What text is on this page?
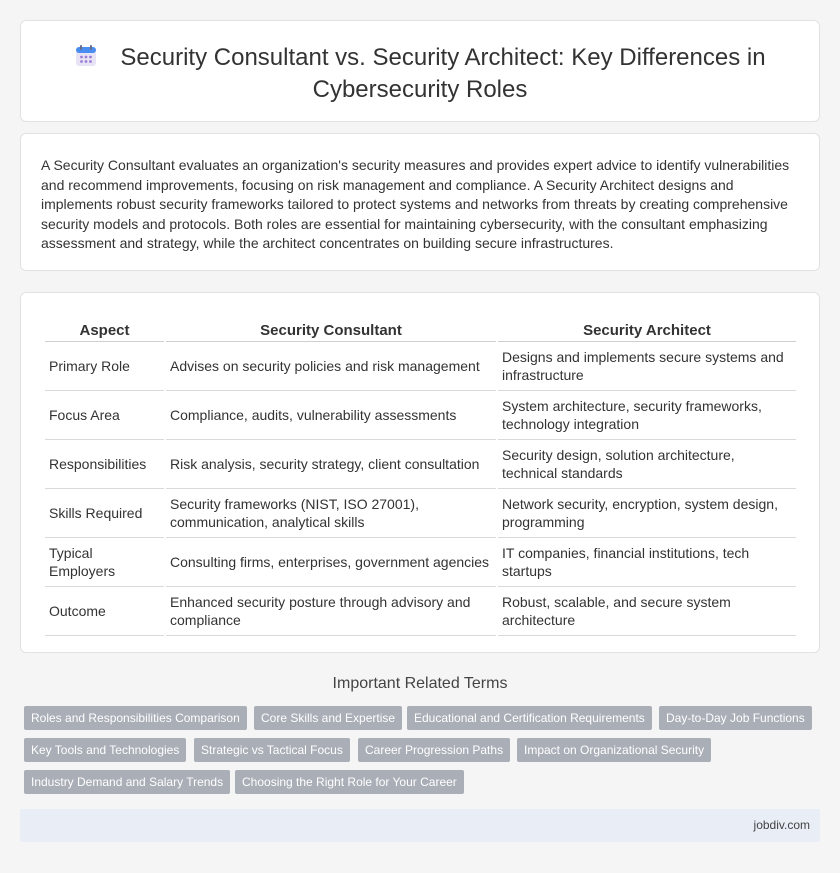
Security Consultant vs. Security Architect: Key Differences in Cybersecurity Roles

A Security Consultant evaluates an organization's security measures and provides expert advice to identify vulnerabilities and recommend improvements, focusing on risk management and compliance. A Security Architect designs and implements robust security frameworks tailored to protect systems and networks from threats by creating comprehensive security models and protocols. Both roles are essential for maintaining cybersecurity, with the consultant emphasizing assessment and strategy, while the architect concentrates on building secure infrastructures.

Aspect	Security Consultant	Security Architect
Primary Role	Advises on security policies and risk management	Designs and implements secure systems and infrastructure
Focus Area	Compliance, audits, vulnerability assessments	System architecture, security frameworks, technology integration
Responsibilities	Risk analysis, security strategy, client consultation	Security design, solution architecture, technical standards
Skills Required	Security frameworks (NIST, ISO 27001), communication, analytical skills	Network security, encryption, system design, programming
Typical Employers	Consulting firms, enterprises, government agencies	IT companies, financial institutions, tech startups
Outcome	Enhanced security posture through advisory and compliance	Robust, scalable, and secure system architecture
Important Related Terms
Roles and Responsibilities Comparison	Core Skills and Expertise	Educational and Certification Requirements	Day-to-Day Job Functions
Key Tools and Technologies	Strategic vs Tactical Focus	Career Progression Paths	Impact on Organizational Security
Industry Demand and Salary Trends	Choosing the Right Role for Your Career
jobdiv.com
